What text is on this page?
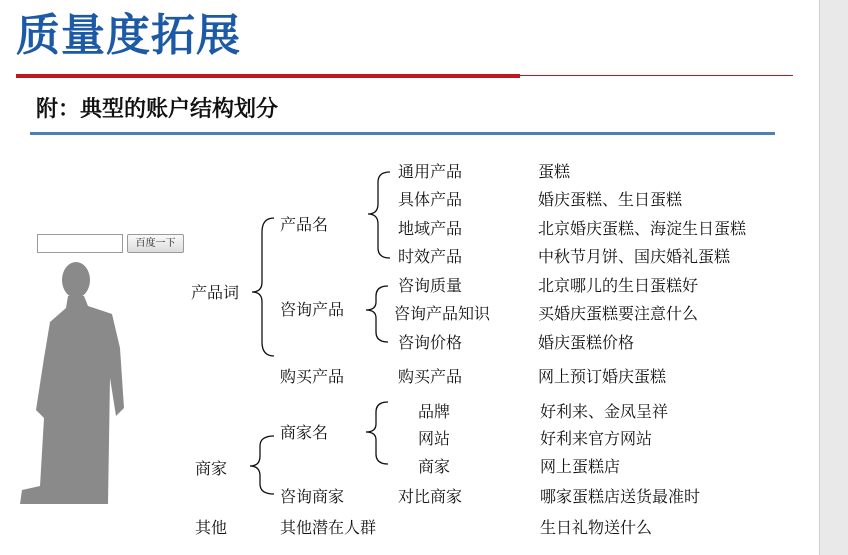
质量度拓展
附：典型的账户结构划分
百度一下
产品词
商家
其他
产品名
咨询产品
购买产品
商家名
咨询商家
其他潜在人群
通用产品
具体产品
地域产品
时效产品
咨询质量
咨询产品知识
咨询价格
购买产品
品牌
网站
商家
对比商家
蛋糕
婚庆蛋糕、生日蛋糕
北京婚庆蛋糕、海淀生日蛋糕
中秋节月饼、国庆婚礼蛋糕
北京哪儿的生日蛋糕好
买婚庆蛋糕要注意什么
婚庆蛋糕价格
网上预订婚庆蛋糕
好利来、金凤呈祥
好利来官方网站
网上蛋糕店
哪家蛋糕店送货最准时
生日礼物送什么
